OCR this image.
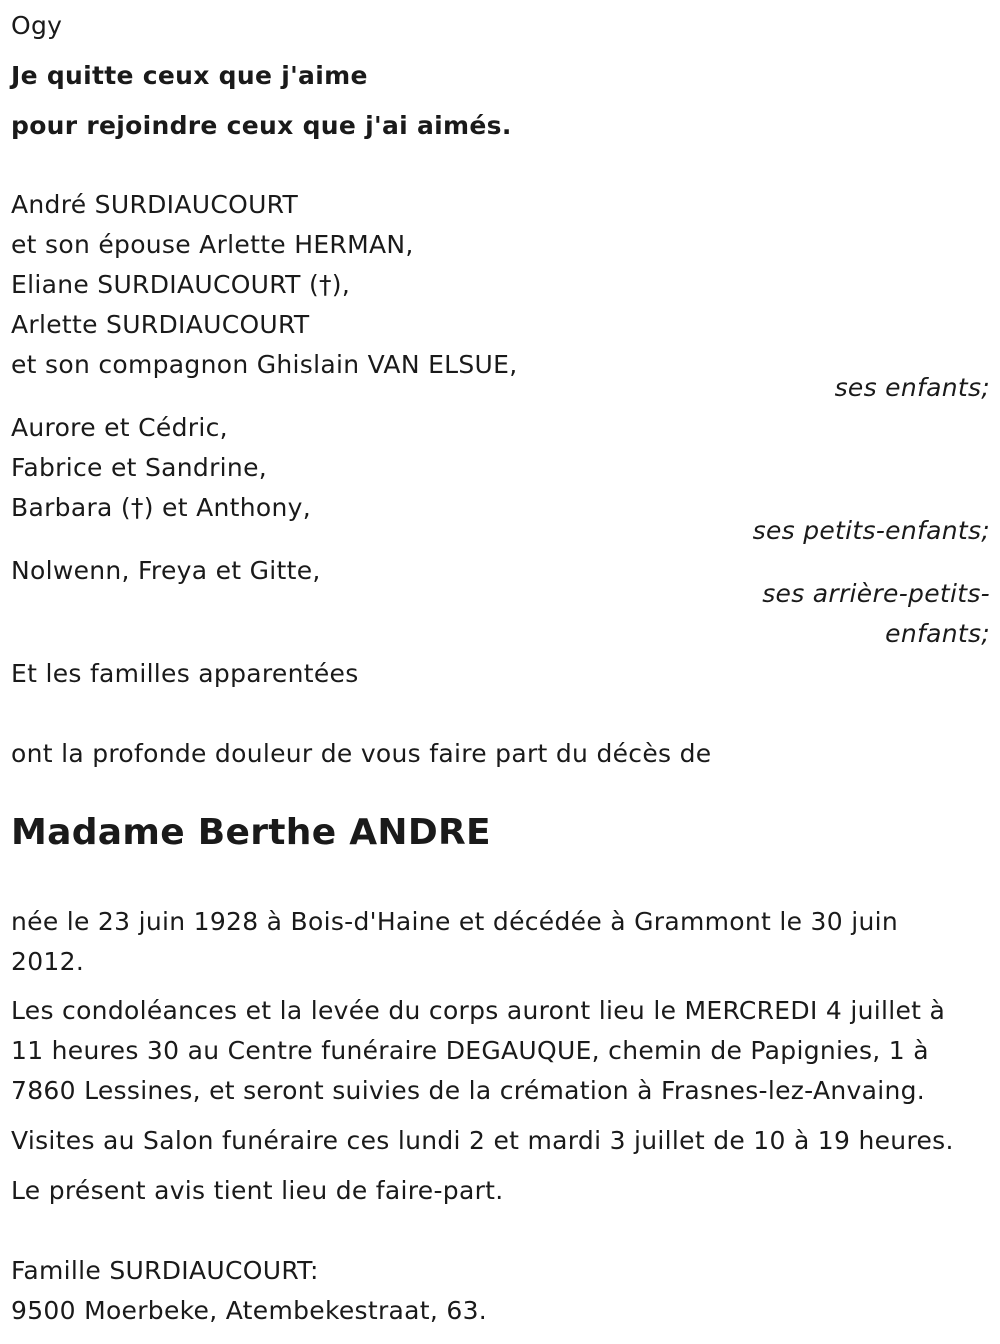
Ogy
Je quitte ceux que j'aime
pour rejoindre ceux que j'ai aimés.
André SURDIAUCOURT
et son épouse Arlette HERMAN,
Eliane SURDIAUCOURT (†),
Arlette SURDIAUCOURT
et son compagnon Ghislain VAN ELSUE,
ses enfants;
Aurore et Cédric,
Fabrice et Sandrine,
Barbara (†) et Anthony,
ses petits-enfants;
Nolwenn, Freya et Gitte,
ses arrière-petits-
enfants;
Et les familles apparentées
ont la profonde douleur de vous faire part du décès de
Madame Berthe ANDRE
née le 23 juin 1928 à Bois-d'Haine et décédée à Grammont le 30 juin
2012.
Les condoléances et la levée du corps auront lieu le MERCREDI 4 juillet à
11 heures 30 au Centre funéraire DEGAUQUE, chemin de Papignies, 1 à
7860 Lessines, et seront suivies de la crémation à Frasnes-lez-Anvaing.
Visites au Salon funéraire ces lundi 2 et mardi 3 juillet de 10 à 19 heures.
Le présent avis tient lieu de faire-part.
Famille SURDIAUCOURT:
9500 Moerbeke, Atembekestraat, 63.
